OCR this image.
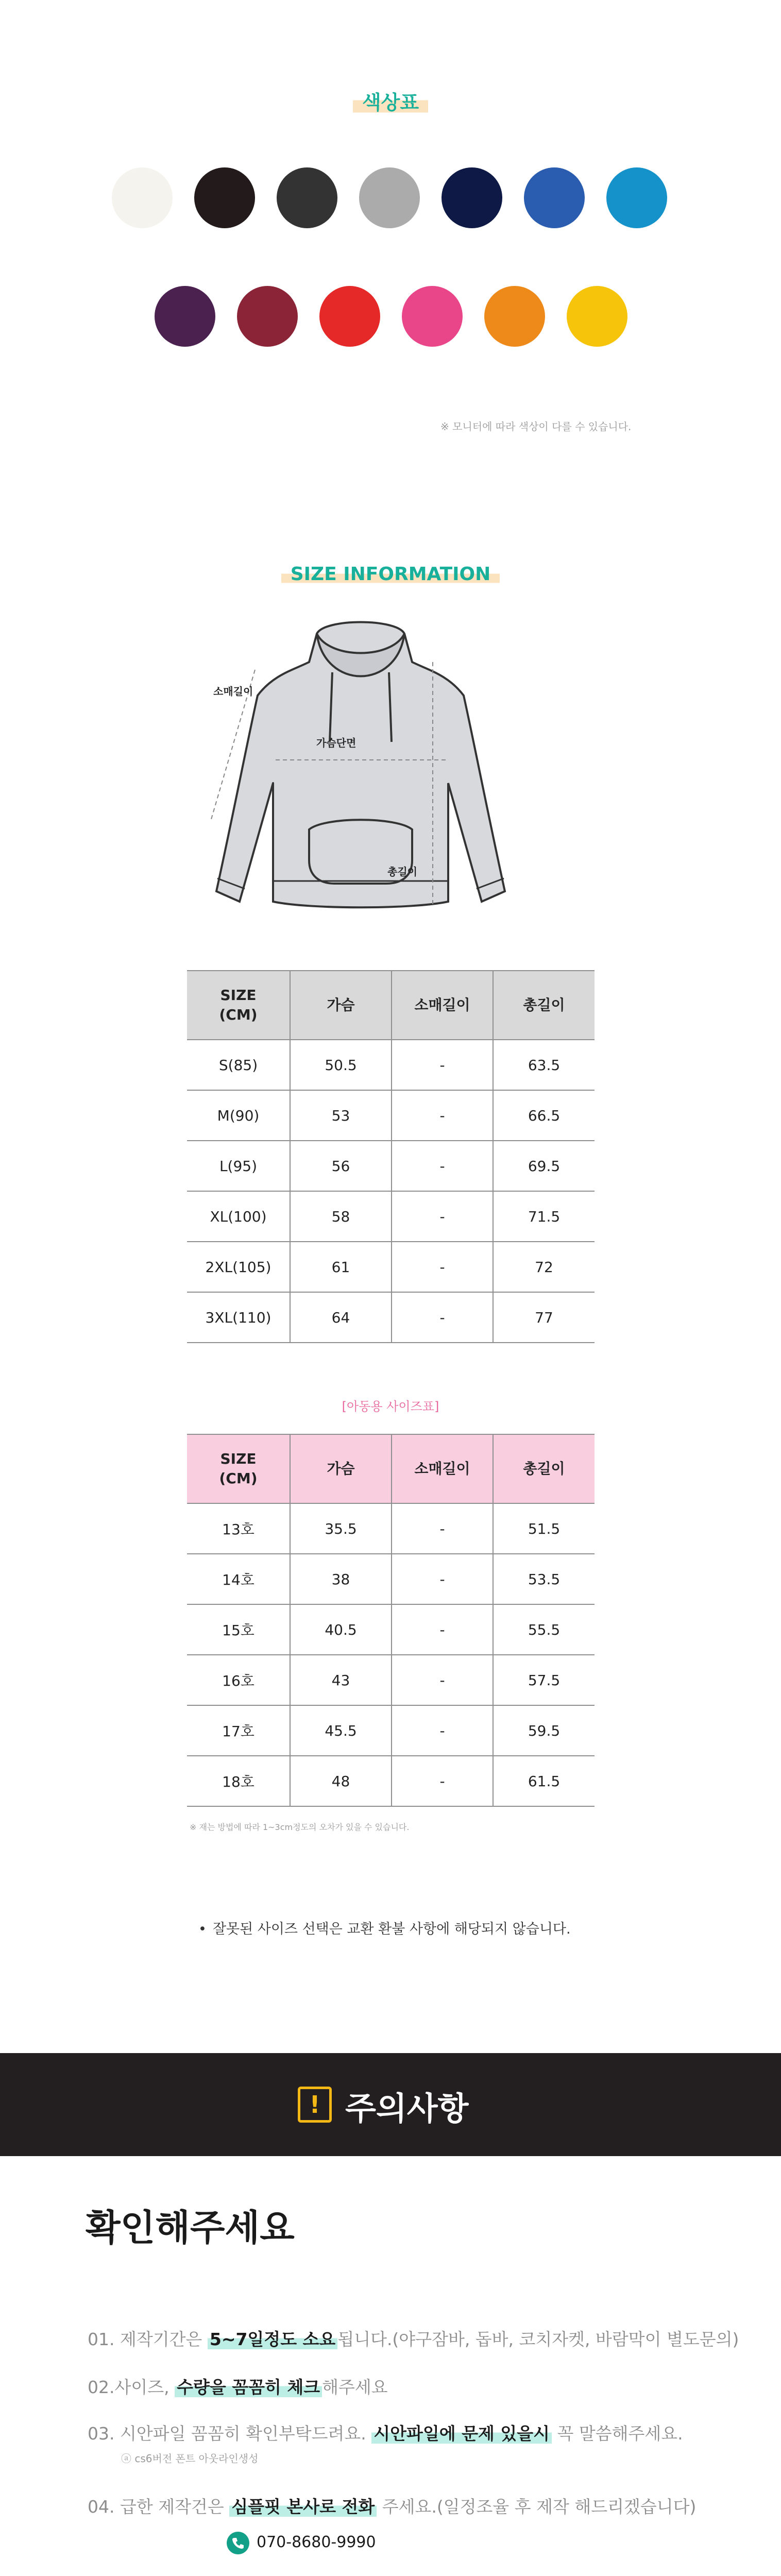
색상표
※ 모니터에 따라 색상이 다를 수 있습니다.
SIZE INFORMATION
소매길이
가슴단면
총길이
SIZE
(CM)	가슴	소매길이	총길이
S(85)	50.5	-	63.5
M(90)	53	-	66.5
L(95)	56	-	69.5
XL(100)	58	-	71.5
2XL(105)	61	-	72
3XL(110)	64	-	77
[아동용 사이즈표]
SIZE
(CM)	가슴	소매길이	총길이
13호	35.5	-	51.5
14호	38	-	53.5
15호	40.5	-	55.5
16호	43	-	57.5
17호	45.5	-	59.5
18호	48	-	61.5
※ 재는 방법에 따라 1~3cm정도의 오차가 있을 수 있습니다.
• 잘못된 사이즈 선택은 교환 환불 사항에 해당되지 않습니다.
! 주의사항
확인해주세요
01. 제작기간은 5~7일정도 소요 됩니다.(야구잠바, 돕바, 코치자켓, 바람막이 별도문의)
02.사이즈, 수량을 꼼꼼히 체크 해주세요
03. 시안파일 꼼꼼히 확인부탁드려요. 시안파일에 문제 있을시 꼭 말씀해주세요.
ⓐ cs6버전 폰트 아웃라인생성
04. 급한 제작건은 심플핏 본사로 전화 주세요.(일정조율 후 제작 해드리겠습니다)
070-8680-9990
